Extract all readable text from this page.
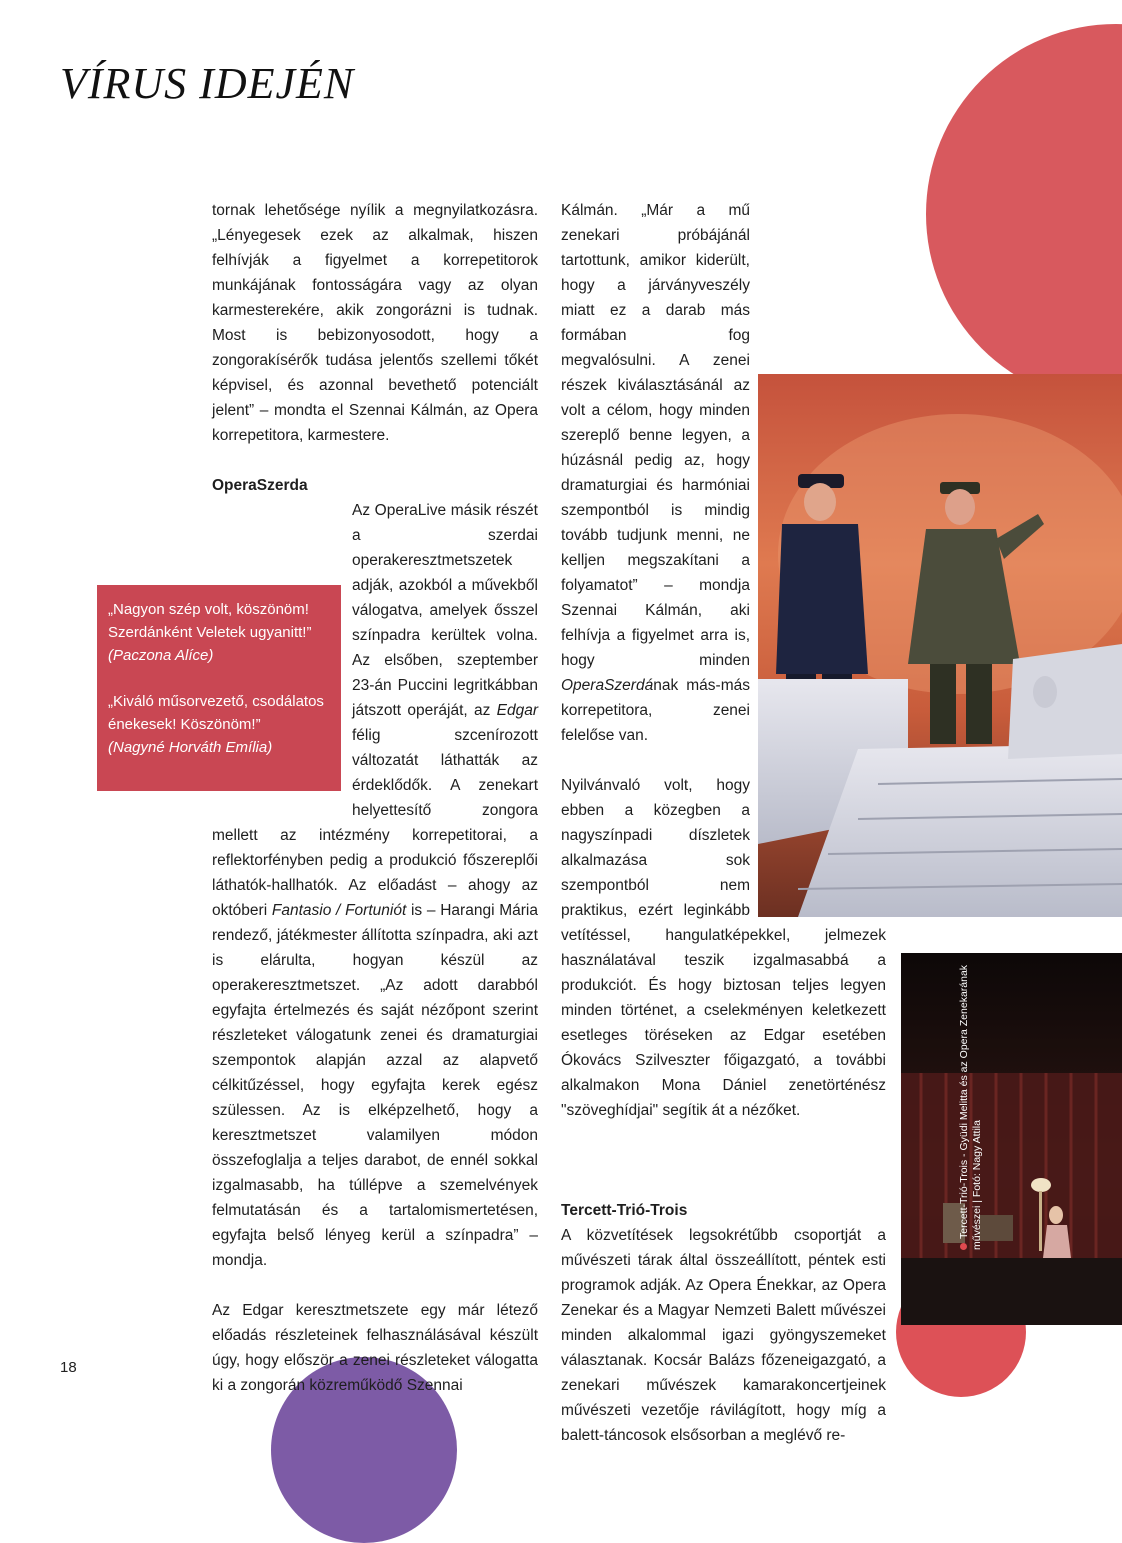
VÍRUS IDEJÉN

tornak lehetősége nyílik a megnyilatkozásra. „Lényegesek ezek az alkalmak, hiszen felhívják a figyelmet a korrepetitorok munkájának fontosságára vagy az olyan karmesterekére, akik zongorázni is tudnak. Most is bebizonyosodott, hogy a zongorakísérők tudása jelentős szellemi tőkét képvisel, és azonnal bevethető potenciált jelent” – mondta el Szennai Kálmán, az Opera korrepetitora, karmestere.

OperaSzerda

Az OperaLive másik részét a szerdai operakeresztmetszetek adják, azokból a művekből válogatva, amelyek ősszel színpadra kerültek volna. Az elsőben, szeptember 23-án Puccini legritkábban játszott operáját, az Edgar félig szcenírozott változatát láthatták az érdeklődők. A zenekart helyettesítő zongora mellett az intézmény korrepetitorai, a reflektorfényben pedig a produkció főszereplői láthatók-hallhatók. Az előadást – ahogy az októberi Fantasio / Fortuniót is – Harangi Mária rendező, játékmester állította színpadra, aki azt is elárulta, hogyan készül az operakeresztmetszet. „Az adott darabból egyfajta értelmezés és saját nézőpont szerint részleteket válogatunk zenei és dramaturgiai szempontok alapján azzal az alapvető célkitűzéssel, hogy egyfajta kerek egész szülessen. Az is elképzelhető, hogy a keresztmetszet valamilyen módon összefoglalja a teljes darabot, de ennél sokkal izgalmasabb, ha túllépve a szemelvények felmutatásán és a tartalomismertetésen, egyfajta belső lényeg kerül a színpadra” – mondja.

Az Edgar keresztmetszete egy már létező előadás részleteinek felhasználásával készült úgy, hogy először a zenei részleteket válogatta ki a zongorán közreműködő Szennai

Kálmán. „Már a mű zenekari próbájánál tartottunk, amikor kiderült, hogy a járványveszély miatt ez a darab más formában fog megvalósulni. A zenei részek kiválasztásánál az volt a célom, hogy minden szereplő benne legyen, a húzásnál pedig az, hogy dramaturgiai és harmóniai szempontból is mindig tovább tudjunk menni, ne kelljen megszakítani a folyamatot” – mondja Szennai Kálmán, aki felhívja a figyelmet arra is, hogy minden OperaSzerdának más-más korrepetitora, zenei felelőse van.

Nyilvánvaló volt, hogy ebben a közegben a nagyszínpadi díszletek alkalmazása sok szempontból nem praktikus, ezért leginkább vetítéssel, hangulatképekkel, jelmezek használatával teszik izgalmasabbá a produkciót. És hogy biztosan teljes legyen minden történet, a cselekményen keletkezett esetleges töréseken az Edgar esetében Ókovács Szilveszter főigazgató, a további alkalmakon Mona Dániel zenetörténész "szöveghídjai" segítik át a nézőket.

Tercett-Trió-Trois

A közvetítések legsokrétűbb csoportját a művészeti tárak által összeállított, péntek esti programok adják. Az Opera Énekkar, az Opera Zenekar és a Magyar Nemzeti Balett művészei minden alkalommal igazi gyöngyszemeket választanak. Kocsár Balázs főzeneigazgató, a zenekari művészek kamarakoncertjeinek művészeti vezetője rávilágított, hogy míg a balett-táncosok elsősorban a meglévő re-

„Nagyon szép volt, köszönöm! Szerdánként Veletek ugyanitt!”

(Paczona Alíce)

„Kiváló műsorvezető, csodálatos énekesek! Köszönöm!”

(Nagyné Horváth Emília)

Tercett-Trió-Trois - Gyüdi Melitta és az Opera Zenekarának művészei | Fotó: Nagy Attila

18
